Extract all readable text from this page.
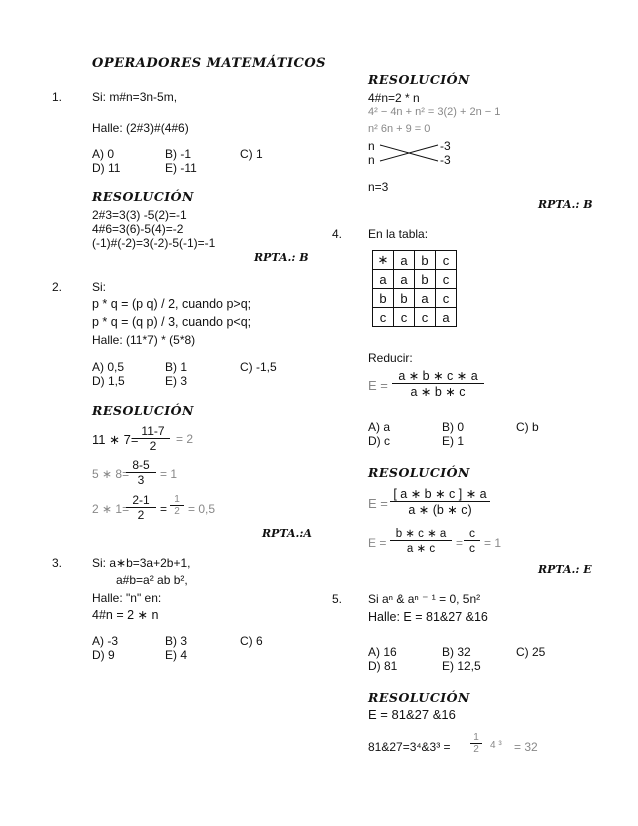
OPERADORES MATEMÁTICOS
1. Si: m#n=3n-5m,
Halle: (2#3)#(4#6)
A) 0	B) -1	C) 1
D) 11	E) -11
RESOLUCIÓN
2#3=3(3) -5(2)=-1
4#6=3(6)-5(4)=-2
(-1)#(-2)=3(-2)-5(-1)=-1
RPTA.: B
2. Si:
p * q = (p q) / 2, cuando p>q;
p * q = (q p) / 3, cuando p<q;
Halle: (11*7) * (5*8)
A) 0,5	B) 1	C) -1,5
D) 1,5	E) 3
RESOLUCIÓN
11 ∗ 7=
$\frac{11-7}{2} = 2$
5 ∗ 8=
$\frac{8-5}{3} = 1$
2 ∗ 1=
$\frac{2-1}{2} = \frac{1}{2} = 0,5$
RPTA.:A
3. Si: a∗b=3a+2b+1,
a#b=a² ab b²,
Halle: "n" en:
4#n = 2 ∗ n
A) -3	B) 3	C) 6
D) 9	E) 4
RESOLUCIÓN
4#n=2 * n
4² − 4n + n² = 3(2) + 2n − 1
n² 6n + 9 = 0
n	-3
n	-3
n=3
RPTA.: B
4. En la tabla:
∗	a	b	c
a	a	b	c
b	b	a	c
c	c	c	a
Reducir:
$E = \frac{a ∗ b ∗ c ∗ a}{a ∗ b ∗ c}$
A) a	B) 0	C) b
D) c	E) 1
RESOLUCIÓN
$E = \frac{[ a ∗ b ∗ c ] ∗ a}{a ∗ (b ∗ c)}$
$E = \frac{b ∗ c ∗ a}{a ∗ c} = \frac{c}{c} = 1$
RPTA.: E
5. Si aⁿ & aⁿ ⁻ ¹ = 0, 5n²
Halle: E = 81&27 &16
A) 16	B) 32	C) 25
D) 81	E) 12,5
RESOLUCIÓN
E = 81&27 &16
81&27=3⁴&3³ = $\frac{1}{2} 4$ ³ = 32
